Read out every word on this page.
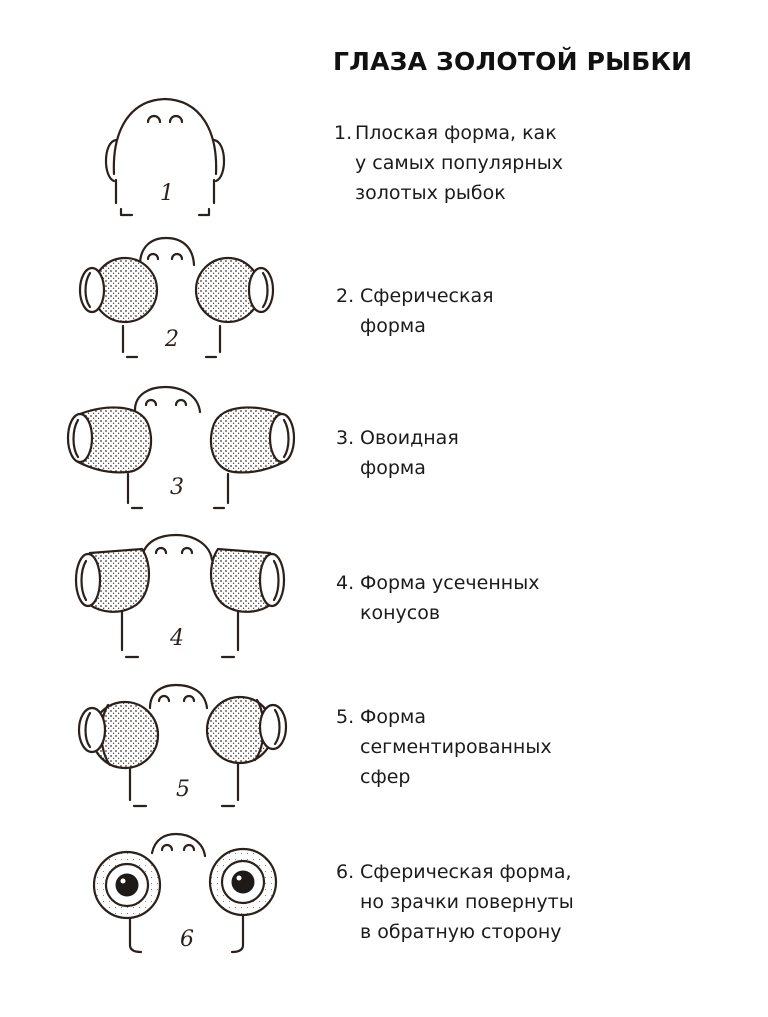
ГЛАЗА ЗОЛОТОЙ РЫБКИ
1
2
3
4
5
6
1. Плоская форма, как
у самых популярных
золотых рыбок
2. Сферическая
форма
3. Овоидная
форма
4. Форма усеченных
конусов
5. Форма
сегментированных
сфер
6. Сферическая форма,
но зрачки повернуты
в обратную сторону
